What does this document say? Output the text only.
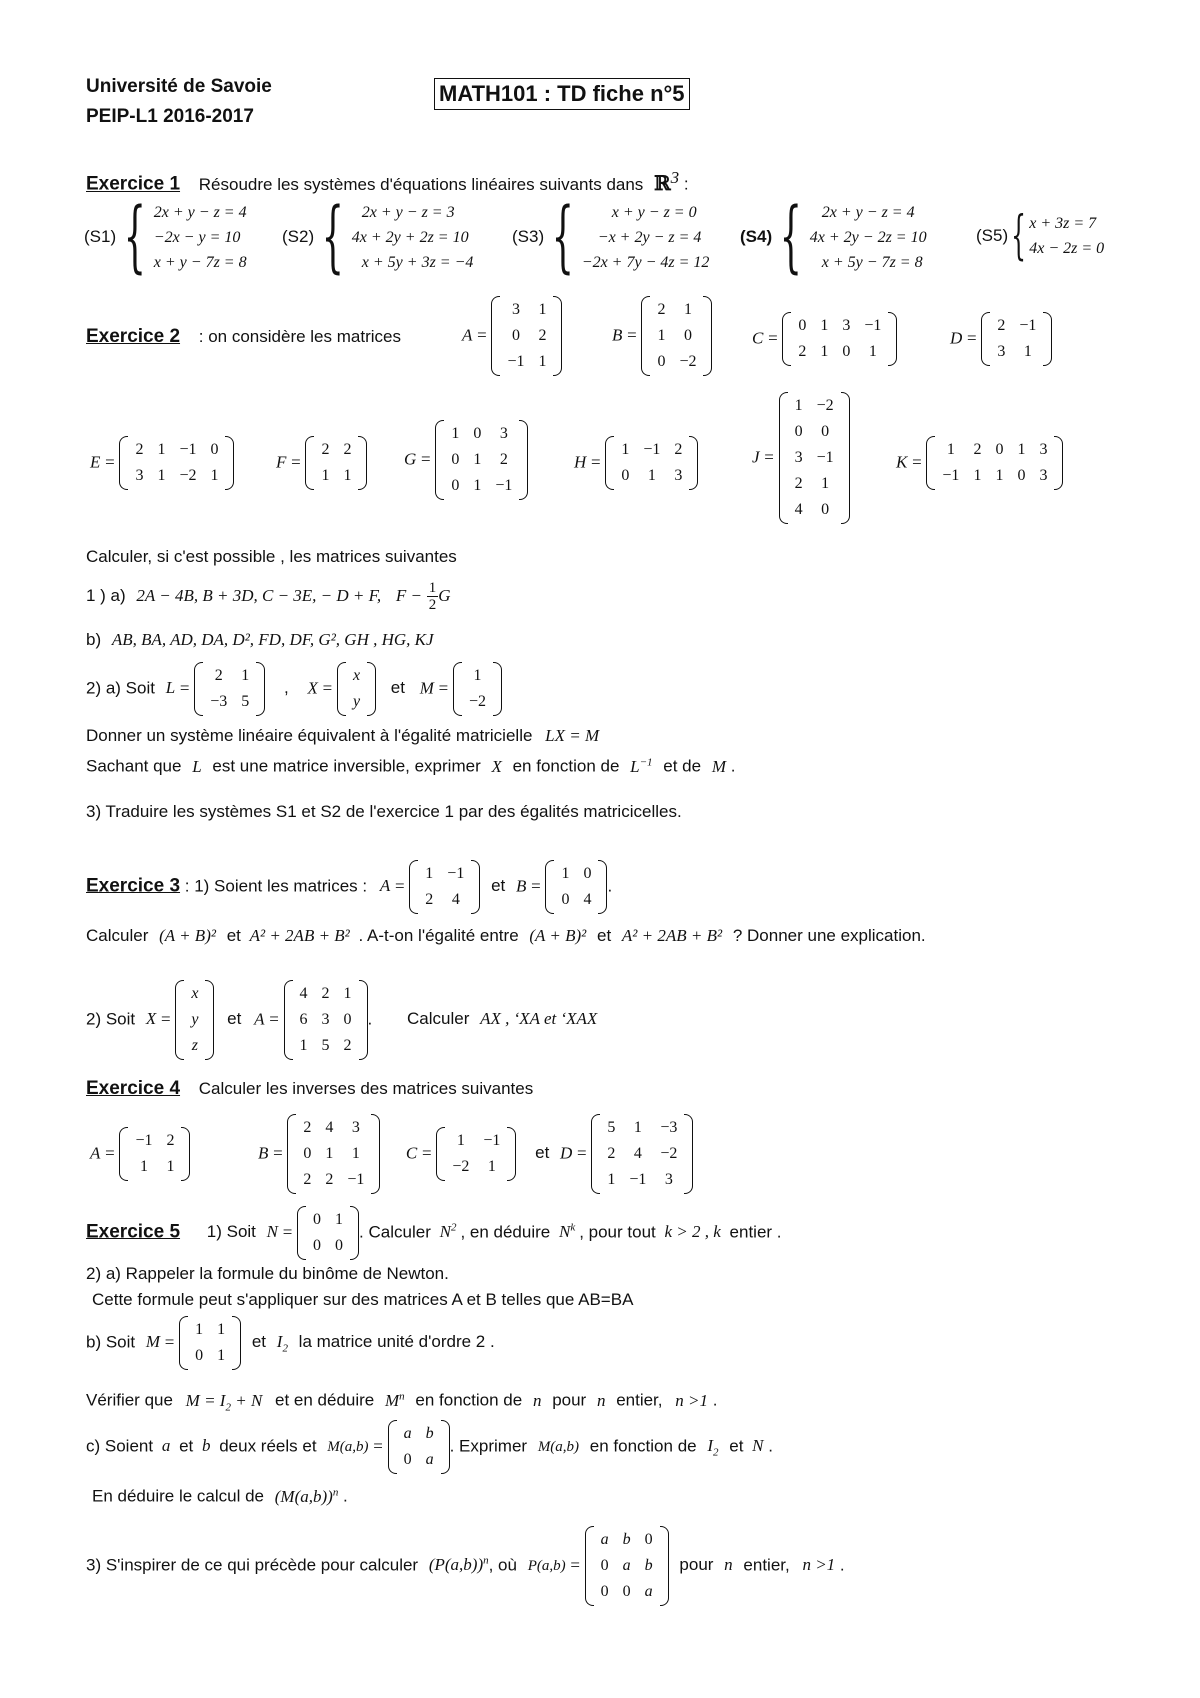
Université de Savoie
PEIP-L1 2016-2017
MATH101 : TD fiche n°5
Exercice 1 Résoudre les systèmes d'équations linéaires suivants dans ℝ$^3$ :
(S1) { 2x + y − z = 4
−2x − y = 10
x + y − 7z = 8
(S2) {	2x + y − z = 3
4x + 2y + 2z = 10
x + 5y + 3z = −4
(S3) {	x + y − z = 0
−x + 2y − z = 4
−2x + 7y − 4z = 12
(S4) {	2x + y − z = 4
4x + 2y − 2z = 10
x + 5y − 7z = 8
(S5) { x + 3z = 7
4x − 2z = 0
Exercice 2 : on considère les matrices	A =
3	1
0	2
−1	1
B =
2	1
1	0
0	−2
C =
0	1	3	−1
2	1	0	1
D =
2	−1
3	1
E =
2	1	−1	0
3	1	−2	1
F =
2	2
1	1
G =
1	0	3
0	1	2
0	1	−1
H =
1	−1	2
0	1	3
J =
1	−2
0	0
3	−1
2	1
4	0
K =
1	2	0	1	3
−1	1	1	0	3
Calculer, si c'est possible , les matrices suivantes
1 ) a) 2A − 4B, B + 3D, C − 3E, − D + F, $F - \frac{1}{2}$ G
b) AB, BA, AD, DA, D², FD, DF, G², GH , HG, KJ
2) a) Soit L =
2	1
−3	5
, X =
x
y
et M =
1
−2
Donner un système linéaire équivalent à l'égalité matricielle LX = M
Sachant que L est une matrice inversible, exprimer X en fonction de $L^{-1}$ et de M .
3) Traduire les systèmes S1 et S2 de l'exercice 1 par des égalités matricicelles.
Exercice 3 : 1) Soient les matrices : A =
1	−1
2	4
et B =
1	0
0	4
.
Calculer (A + B)² et A² + 2AB + B² . A-t-on l'égalité entre (A + B)² et A² + 2AB + B² ? Donner une explication.
2) Soit X =
x
y
z
et A =
4	2	1
6	3	0
1	5	2
. Calculer AX , ‘XA et ‘XAX
Exercice 4 Calculer les inverses des matrices suivantes
A =
−1	2
1	1
B =
2	4	3
0	1	1
2	2	−1
C =
1	−1
−2	1
et D =
5	1	−3
2	4	−2
1	−1	3
Exercice 5 1) Soit N =
0	1
0	0
. Calculer $N^2$ , en déduire $N^k$ , pour tout k > 2 , k entier .
2) a) Rappeler la formule du binôme de Newton.
Cette formule peut s'appliquer sur des matrices A et B telles que AB=BA
b) Soit M =
1	1
0	1
et $I_2$ la matrice unité d'ordre 2 .
Vérifier que $M = I_2 + N$ et en déduire $M^n$ en fonction de n pour n entier, n >1 .
c) Soient a et b deux réels et M(a,b) =
a	b
0	a
. Exprimer M(a,b) en fonction de $I_2$ et N .
En déduire le calcul de $(M(a,b))^n$ .
3) S'inspirer de ce qui précède pour calculer $(P(a,b))^n$, où P(a,b) =
a	b	0
0	a	b
0	0	a
pour n entier, n >1 .
